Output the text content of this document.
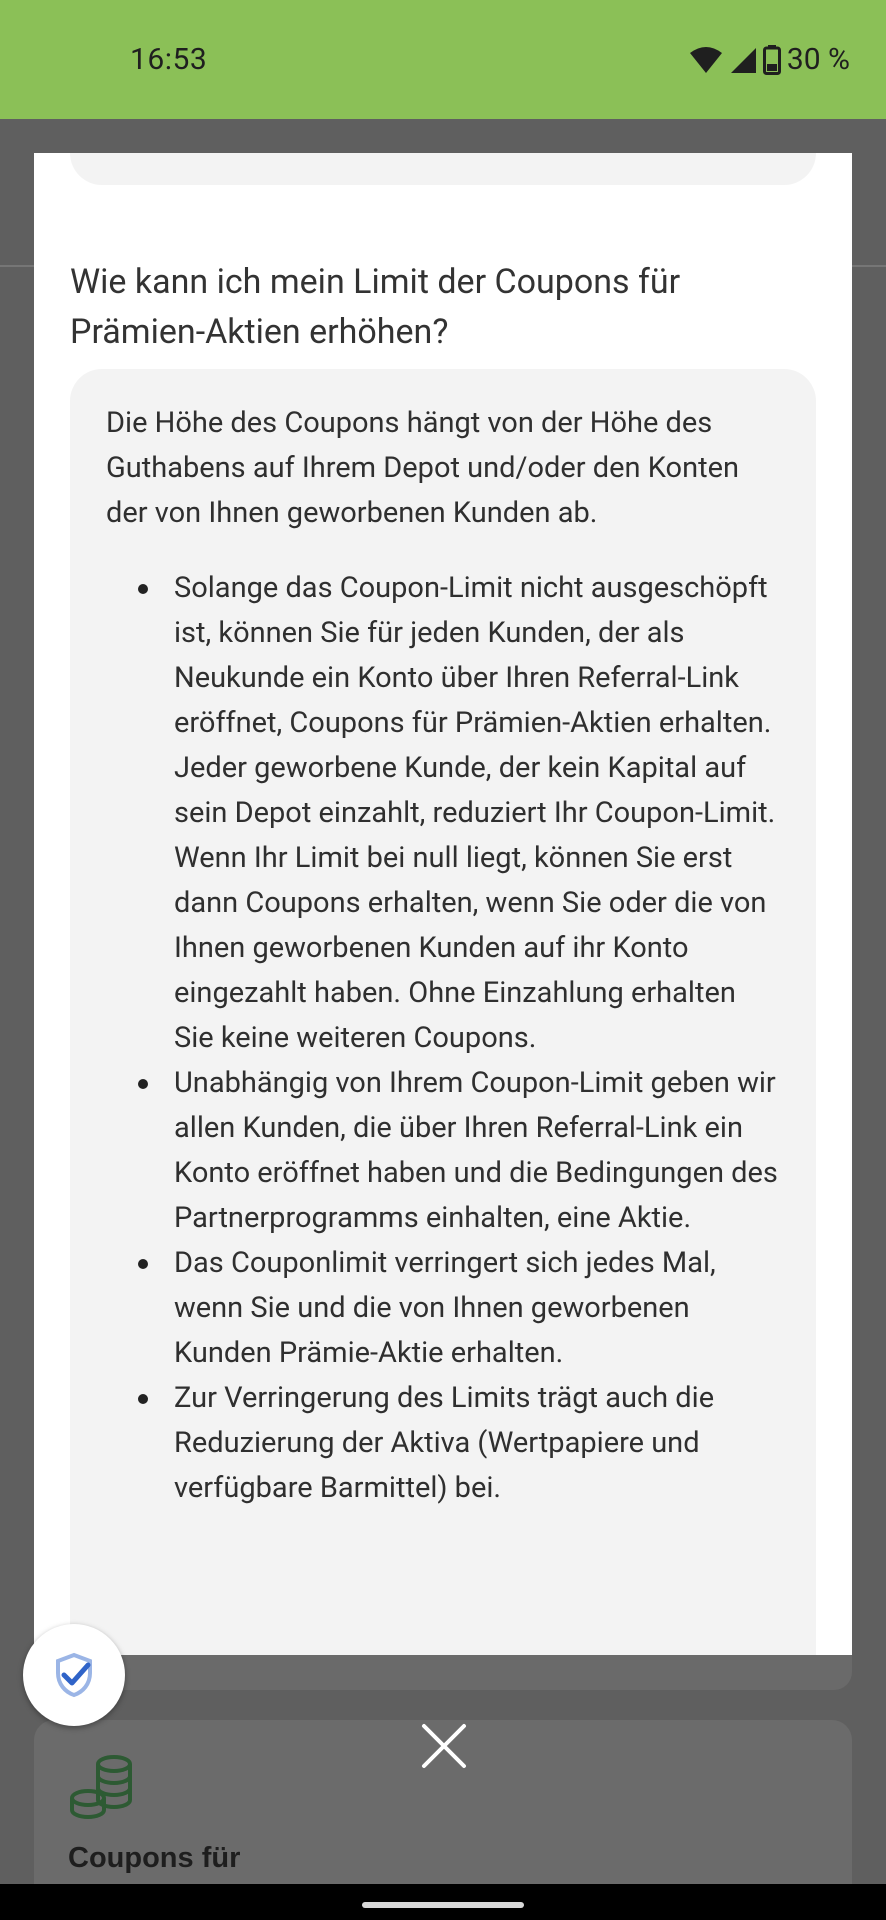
16:53	30 %
Coupons für
Wie kann ich mein Limit der Coupons für Prämien-Aktien erhöhen?

Die Höhe des Coupons hängt von der Höhe des Guthabens auf Ihrem Depot und/oder den Konten der von Ihnen geworbenen Kunden ab.

Solange das Coupon-Limit nicht ausgeschöpft ist, können Sie für jeden Kunden, der als Neukunde ein Konto über Ihren Referral-Link eröffnet, Coupons für Prämien-Aktien erhalten. Jeder geworbene Kunde, der kein Kapital auf sein Depot einzahlt, reduziert Ihr Coupon-Limit. Wenn Ihr Limit bei null liegt, können Sie erst dann Coupons erhalten, wenn Sie oder die von Ihnen geworbenen Kunden auf ihr Konto eingezahlt haben. Ohne Einzahlung erhalten Sie keine weiteren Coupons.
Unabhängig von Ihrem Coupon-Limit geben wir allen Kunden, die über Ihren Referral-Link ein Konto eröffnet haben und die Bedingungen des Partnerprogramms einhalten, eine Aktie.
Das Couponlimit verringert sich jedes Mal, wenn Sie und die von Ihnen geworbenen Kunden Prämie-Aktie erhalten.
Zur Verringerung des Limits trägt auch die Reduzierung der Aktiva (Wertpapiere und verfügbare Barmittel) bei.
